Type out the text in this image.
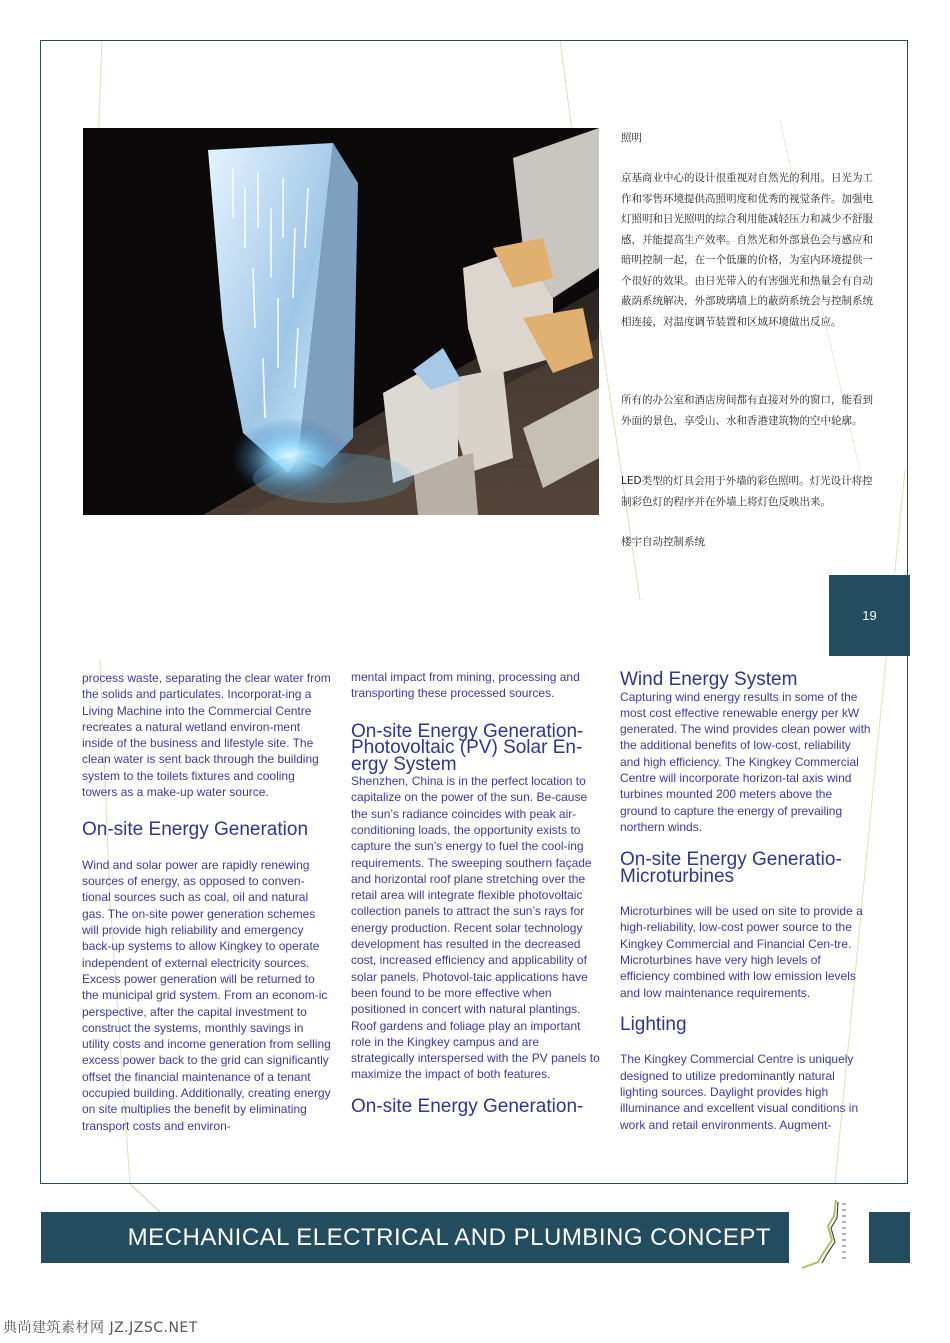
照明

京基商业中心的设计很重视对自然光的利用。日光为工作和零售环境提供高照明度和优秀的视觉条件。加强电灯照明和日光照明的综合利用能减轻压力和减少不舒服感，并能提高生产效率。自然光和外部景色会与感应和暗明控制一起，在一个低廉的价格，为室内环境提供一个很好的效果。由日光带入的有害强光和热量会有自动蔽荫系统解决，外部玻璃墙上的蔽荫系统会与控制系统相连接，对温度调节装置和区域环境做出反应。

所有的办公室和酒店房间都有直接对外的窗口，能看到外面的景色，享受山、水和香港建筑物的空中轮廓。

LED类型的灯具会用于外墙的彩色照明。灯光设计将控制彩色灯的程序并在外墙上将灯色反映出来。

楼宇自动控制系统

19

process waste, separating the clear water from the solids and particulates. Incorporat-ing a Living Machine into the Commercial Centre recreates a natural wetland environ-ment inside of the business and lifestyle site. The clean water is sent back through the building system to the toilets fixtures and cooling towers as a make-up water source.

On-site Energy Generation

Wind and solar power are rapidly renewing sources of energy, as opposed to conven-tional sources such as coal, oil and natural gas. The on-site power generation schemes will provide high reliability and emergency back-up systems to allow Kingkey to operate independent of external electricity sources. Excess power generation will be returned to the municipal grid system. From an econom-ic perspective, after the capital investment to construct the systems, monthly savings in utility costs and income generation from selling excess power back to the grid can significantly offset the financial maintenance of a tenant occupied building. Additionally, creating energy on site multiplies the benefit by eliminating transport costs and environ-

mental impact from mining, processing and transporting these processed sources.

On-site Energy Generation-Photovoltaic (PV) Solar En-ergy System

Shenzhen, China is in the perfect location to capitalize on the power of the sun. Be-cause the sun’s radiance coincides with peak air-conditioning loads, the opportunity exists to capture the sun’s energy to fuel the cool-ing requirements. The sweeping southern façade and horizontal roof plane stretching over the retail area will integrate flexible photovoltaic collection panels to attract the sun’s rays for energy production. Recent solar technology development has resulted in the decreased cost, increased efficiency and applicability of solar panels. Photovol-taic applications have been found to be more effective when positioned in concert with natural plantings. Roof gardens and foliage play an important role in the Kingkey campus and are strategically interspersed with the PV panels to maximize the impact of both features.

On-site Energy Generation-
Wind Energy System

Capturing wind energy results in some of the most cost effective renewable energy per kW generated. The wind provides clean power with the additional benefits of low-cost, reliability and high efficiency. The Kingkey Commercial Centre will incorporate horizon-tal axis wind turbines mounted 200 meters above the ground to capture the energy of prevailing northern winds.

On-site Energy Generatio-Microturbines

Microturbines will be used on site to provide a high-reliability, low-cost power source to the Kingkey Commercial and Financial Cen-tre. Microturbines have very high levels of efficiency combined with low emission levels and low maintenance requirements.

Lighting

The Kingkey Commercial Centre is uniquely designed to utilize predominantly natural lighting sources. Daylight provides high illuminance and excellent visual conditions in work and retail environments. Augment-

MECHANICAL ELECTRICAL AND PLUMBING CONCEPT
典尚建筑素材网 JZ.JZSC.NET
